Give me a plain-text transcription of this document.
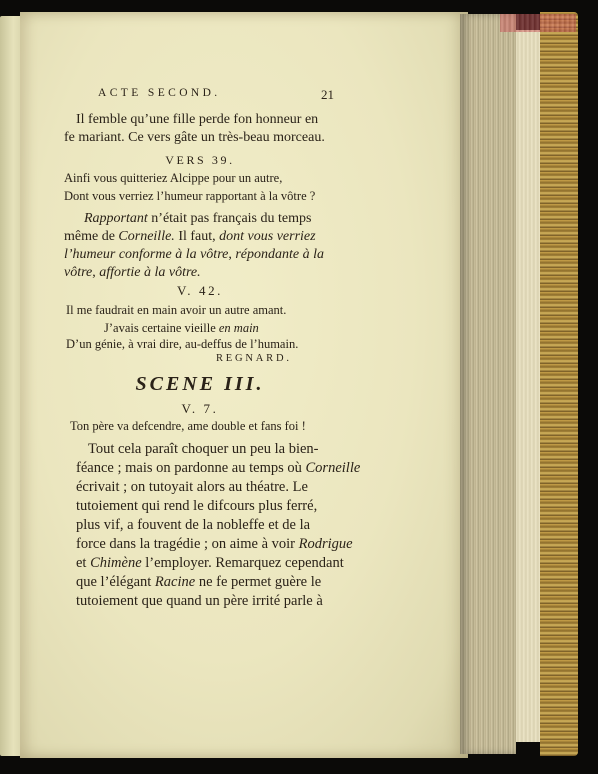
ACTE SECOND.	21
Il femble qu’une fille perde fon honneur en
fe mariant. Ce vers gâte un très-beau morceau.
VERS 39.
Ainfi vous quitteriez Alcippe pour un autre,
Dont vous verriez l’humeur rapportant à la vôtre ?
Rapportant n’était pas français du temps
même de Corneille. Il faut, dont vous verriez
l’humeur conforme à la vôtre, répondante à la
vôtre, affortie à la vôtre.
V. 42.
Il me faudrait en main avoir un autre amant.
J’avais certaine vieille en main
D’un génie, à vrai dire, au-deffus de l’humain.
REGNARD.
SCENE III.
V. 7.
Ton père va defcendre, ame double et fans foi !
Tout cela paraît choquer un peu la bien-
féance ; mais on pardonne au temps où Corneille
écrivait ; on tutoyait alors au théatre. Le
tutoiement qui rend le difcours plus ferré,
plus vif, a fouvent de la nobleffe et de la
force dans la tragédie ; on aime à voir Rodrigue
et Chimène l’employer. Remarquez cependant
que l’élégant Racine ne fe permet guère le
tutoiement que quand un père irrité parle à
